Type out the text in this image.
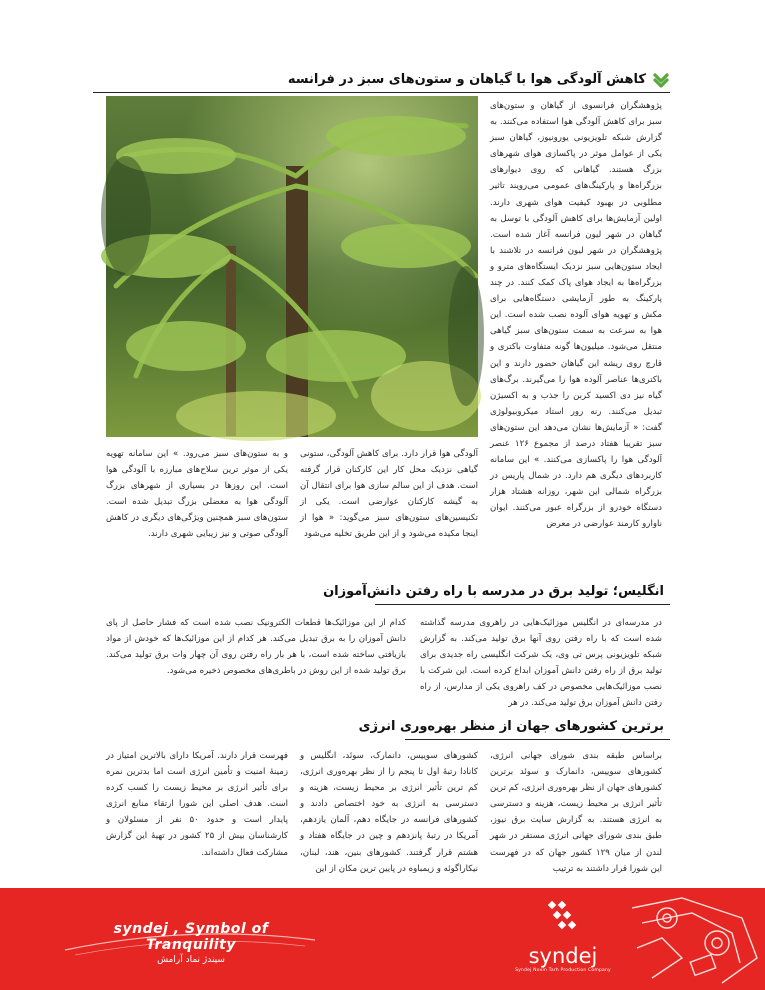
کاهش آلودگی هوا با گیاهان و ستون‌های سبز در فرانسه

پژوهشگران فرانسوی از گیاهان و ستون‌های سبز برای کاهش آلودگی هوا استفاده می‌کنند. به گزارش شبکه تلویزیونی یورونیوز، گیاهان سبز یکی از عوامل موثر در پاکسازی هوای شهرهای بزرگ هستند. گیاهانی که روی دیوارهای بزرگراه‌ها و پارکینگ‌های عمومی می‌رویند تاثیر مطلوبی در بهبود کیفیت هوای شهری دارند. اولین آزمایش‌ها برای کاهش آلودگی با توسل به گیاهان در شهر لیون فرانسه آغاز شده است. پژوهشگران در شهر لیون فرانسه در تلاشند با ایجاد ستون‌هایی سبز نزدیک ایستگاه‌های مترو و بزرگراه‌ها به ایجاد هوای پاک کمک کنند. در چند پارکینگ به طور آزمایشی دستگاه‌هایی برای مکش و تهویه هوای آلوده نصب شده است. این هوا به سرعت به سمت ستون‌های سبز گیاهی منتقل می‌شود. میلیون‌ها گونه متفاوت باکتری و قارچ روی ریشه این گیاهان حضور دارند و این باکتری‌ها عناصر آلوده هوا را می‌گیرند. برگ‌های گیاه نیز دی اکسید کربن را جذب و به اکسیژن تبدیل می‌کنند. رنه رور استاد میکروبیولوژی گفت: « آزمایش‌ها نشان می‌دهد این ستون‌های سبز تقریبا هفتاد درصد از مجموع ۱۲۶ عنصر آلودگی هوا را پاکسازی می‌کنند. » این سامانه کاربردهای دیگری هم دارد. در شمال پاریس در بزرگراه شمالی این شهر، روزانه هشتاد هزار دستگاه خودرو از بزرگراه عبور می‌کنند. ایوان ناوارو کارمند عوارضی در معرض

آلودگی هوا قرار دارد. برای کاهش آلودگی، ستونی گیاهی نزدیک محل کار این کارکنان قرار گرفته است. هدف از این سالم سازی هوا برای انتقال آن به گیشه کارکنان عوارضی است. یکی از تکنیسین‌های ستون‌های سبز می‌گوید: « هوا از اینجا مکیده می‌شود و از این طریق تخلیه می‌شود

و به ستون‌های سبز می‌رود. » این سامانه تهویه یکی از موثر ترین سلاح‌های مبارزه با آلودگی هوا است. این روزها در بسیاری از شهرهای بزرگ آلودگی هوا به معضلی بزرگ تبدیل شده است. ستون‌های سبز همچنین ویژگی‌های دیگری در کاهش آلودگی صوتی و نیز زیبایی شهری دارند.

انگلیس؛ تولید برق در مدرسه با راه رفتن دانش‌آموزان

در مدرسه‌ای در انگلیس موزائیک‌هایی در راهروی مدرسه گذاشته شده است که با راه رفتن روی آنها برق تولید می‌کند. به گزارش شبکه تلویزیونی پرس تی وی، یک شرکت انگلیسی راه جدیدی برای تولید برق از راه رفتن دانش آموزان ابداع کرده است. این شرکت با نصب موزائیک‌هایی مخصوص در کف راهروی یکی از مدارس، از راه رفتن دانش آموزان برق تولید می‌کند. در هر

کدام از این موزائیک‌ها قطعات الکترونیک نصب شده است که فشار حاصل از پای دانش آموزان را به برق تبدیل می‌کند. هر کدام از این موزائیک‌ها که خودش از مواد بازیافتی ساخته شده است، با هر بار راه رفتن روی آن چهار وات برق تولید می‌کند. برق تولید شده از این روش در باطری‌های مخصوص ذخیره می‌شود.

برترین کشورهای جهان از منظر بهره‌وری انرژی

براساس طبقه بندی شورای جهانی انرژی، کشورهای سوییس، دانمارک و سوئد برترین کشورهای جهان از نظر بهره‌وری انرژی، کم ترین تأثیر انرژی بر محیط زیست، هزینه و دسترسی به انرژی هستند. به گزارش سایت برق نیوز، طبق بندی شورای جهانی انرژی مستقر در شهر لندن از میان ۱۲۹ کشور جهان که در فهرست این شورا قرار داشتند به ترتیب

کشورهای سوییس، دانمارک، سوئد، انگلیس و کانادا رتبهٔ اول تا پنجم را از نظر بهره‌وری انرژی، کم ترین تأثیر انرژی بر محیط زیست، هزینه و دسترسی به انرژی به خود اختصاص دادند و کشورهای فرانسه در جایگاه دهم، آلمان یازدهم، آمریکا در رتبهٔ پانزدهم و چین در جایگاه هفتاد و هشتم قرار گرفتند. کشورهای بنین، هند، لبنان، نیکاراگوئه و زیمباوه در پایین ترین مکان از این

فهرست قرار دارند. آمریکا دارای بالاترین امتیاز در زمینهٔ امنیت و تأمین انرژی است اما بدترین نمره برای تأثیر انرژی بر محیط زیست را کسب کرده است. هدف اصلی این شورا ارتقاء منابع انرژی پایدار است و حدود ۵۰ نفر از مسئولان و کارشناسان بیش از ۲۵ کشور در تهیهٔ این گزارش مشارکت فعال داشته‌اند.

syndej , Symbol of Tranquility
سیندژ نماد آرامش	syndej
Syndej Novin Tarh Production Company
